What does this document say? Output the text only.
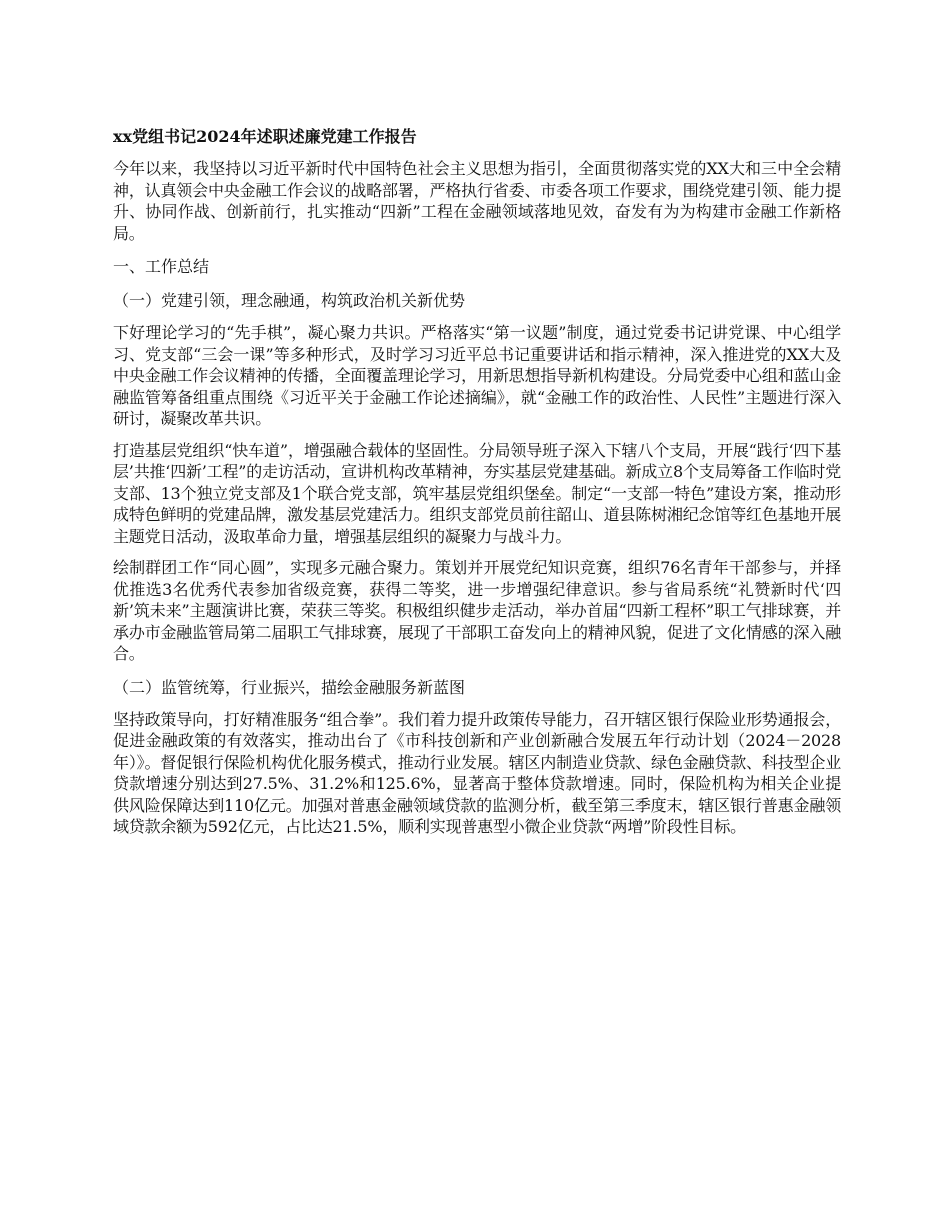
xx党组书记2024年述职述廉党建工作报告

今年以来，我坚持以习近平新时代中国特色社会主义思想为指引，全面贯彻落实党的XX大和三中全会精神，认真领会中央金融工作会议的战略部署，严格执行省委、市委各项工作要求，围绕党建引领、能力提升、协同作战、创新前行，扎实推动“四新”工程在金融领域落地见效，奋发有为为构建市金融工作新格局。

一、工作总结
（一）党建引领，理念融通，构筑政治机关新优势

下好理论学习的“先手棋”，凝心聚力共识。严格落实“第一议题”制度，通过党委书记讲党课、中心组学习、党支部“三会一课”等多种形式，及时学习习近平总书记重要讲话和指示精神，深入推进党的XX大及中央金融工作会议精神的传播，全面覆盖理论学习，用新思想指导新机构建设。分局党委中心组和蓝山金融监管筹备组重点围绕《习近平关于金融工作论述摘编》，就“金融工作的政治性、人民性”主题进行深入研讨，凝聚改革共识。

打造基层党组织“快车道”，增强融合载体的坚固性。分局领导班子深入下辖八个支局，开展“践行‘四下基层’共推‘四新’工程”的走访活动，宣讲机构改革精神，夯实基层党建基础。新成立8个支局筹备工作临时党支部、13个独立党支部及1个联合党支部，筑牢基层党组织堡垒。制定“一支部一特色”建设方案，推动形成特色鲜明的党建品牌，激发基层党建活力。组织支部党员前往韶山、道县陈树湘纪念馆等红色基地开展主题党日活动，汲取革命力量，增强基层组织的凝聚力与战斗力。

绘制群团工作“同心圆”，实现多元融合聚力。策划并开展党纪知识竞赛，组织76名青年干部参与，并择优推选3名优秀代表参加省级竞赛，获得二等奖，进一步增强纪律意识。参与省局系统“礼赞新时代‘四新’筑未来”主题演讲比赛，荣获三等奖。积极组织健步走活动，举办首届“四新工程杯”职工气排球赛，并承办市金融监管局第二届职工气排球赛，展现了干部职工奋发向上的精神风貌，促进了文化情感的深入融合。

（二）监管统筹，行业振兴，描绘金融服务新蓝图

坚持政策导向，打好精准服务“组合拳”。我们着力提升政策传导能力，召开辖区银行保险业形势通报会，促进金融政策的有效落实，推动出台了《市科技创新和产业创新融合发展五年行动计划（2024－2028年）》。督促银行保险机构优化服务模式，推动行业发展。辖区内制造业贷款、绿色金融贷款、科技型企业贷款增速分别达到27.5%、31.2%和125.6%，显著高于整体贷款增速。同时，保险机构为相关企业提供风险保障达到110亿元。加强对普惠金融领域贷款的监测分析，截至第三季度末，辖区银行普惠金融领域贷款余额为592亿元，占比达21.5%，顺利实现普惠型小微企业贷款“两增”阶段性目标。
